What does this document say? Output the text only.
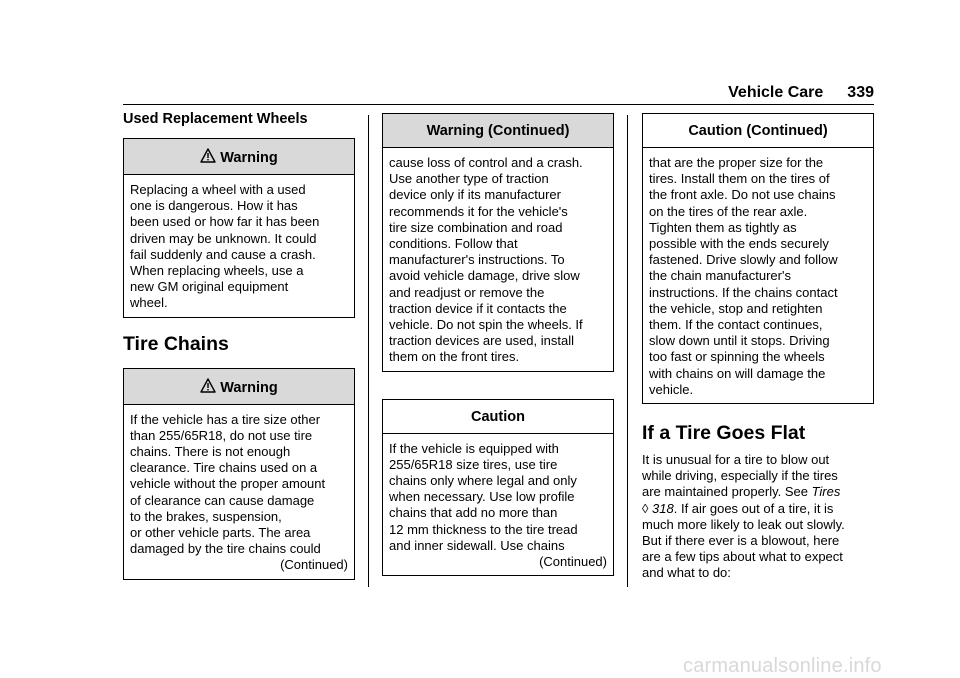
Vehicle Care 339
Used Replacement Wheels
Warning
Replacing a wheel with a used
one is dangerous. How it has
been used or how far it has been
driven may be unknown. It could
fail suddenly and cause a crash.
When replacing wheels, use a
new GM original equipment
wheel.
Tire Chains
Warning
If the vehicle has a tire size other
than 255/65R18, do not use tire
chains. There is not enough
clearance. Tire chains used on a
vehicle without the proper amount
of clearance can cause damage
to the brakes, suspension,
or other vehicle parts. The area
damaged by the tire chains could
(Continued)
Warning (Continued)
cause loss of control and a crash.
Use another type of traction
device only if its manufacturer
recommends it for the vehicle's
tire size combination and road
conditions. Follow that
manufacturer's instructions. To
avoid vehicle damage, drive slow
and readjust or remove the
traction device if it contacts the
vehicle. Do not spin the wheels. If
traction devices are used, install
them on the front tires.
Caution
If the vehicle is equipped with
255/65R18 size tires, use tire
chains only where legal and only
when necessary. Use low profile
chains that add no more than
12 mm thickness to the tire tread
and inner sidewall. Use chains
(Continued)
Caution (Continued)
that are the proper size for the
tires. Install them on the tires of
the front axle. Do not use chains
on the tires of the rear axle.
Tighten them as tightly as
possible with the ends securely
fastened. Drive slowly and follow
the chain manufacturer's
instructions. If the chains contact
the vehicle, stop and retighten
them. If the contact continues,
slow down until it stops. Driving
too fast or spinning the wheels
with chains on will damage the
vehicle.
If a Tire Goes Flat
It is unusual for a tire to blow out
while driving, especially if the tires
are maintained properly. See Tires
◊ 318. If air goes out of a tire, it is
much more likely to leak out slowly.
But if there ever is a blowout, here
are a few tips about what to expect
and what to do:
carmanualsonline.info
